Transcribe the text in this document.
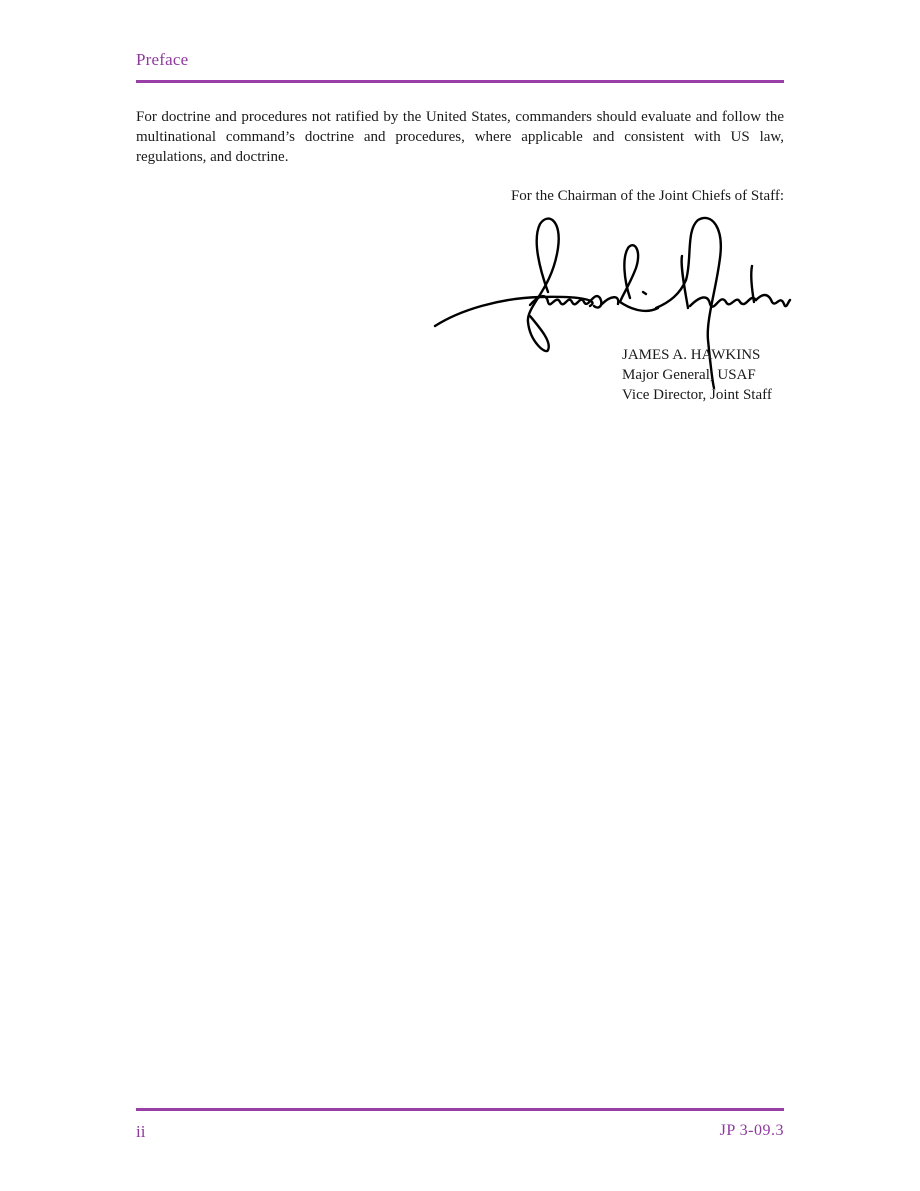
Preface

For doctrine and procedures not ratified by the United States, commanders should evaluate and follow the multinational command’s doctrine and procedures, where applicable and consistent with US law, regulations, and doctrine.

For the Chairman of the Joint Chiefs of Staff:
JAMES A. HAWKINS
Major General, USAF
Vice Director, Joint Staff
ii	JP 3-09.3
